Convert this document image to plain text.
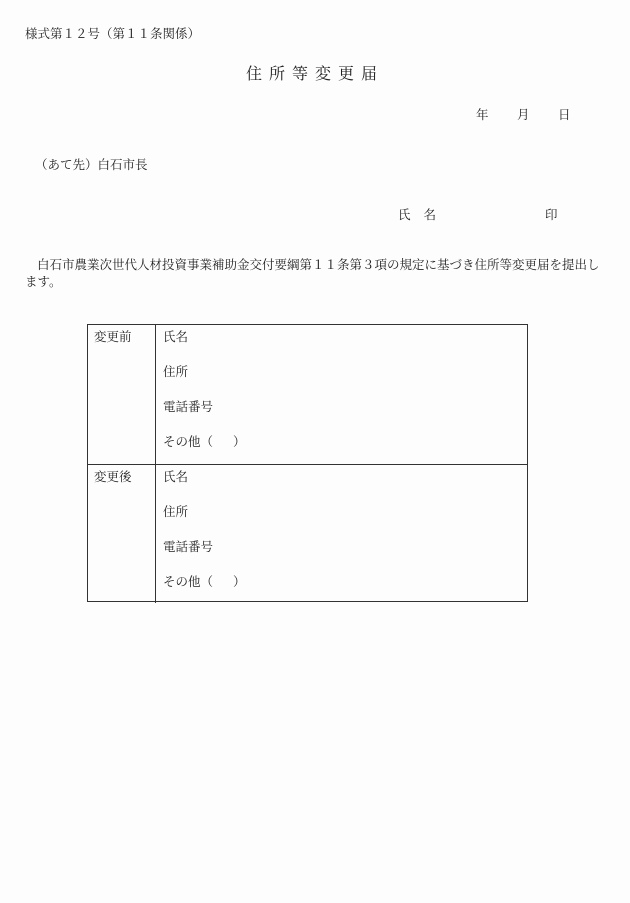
様式第１２号（第１１条関係）
住所等変更届
年 月 日
（あて先）白石市長
氏名	印
白石市農業次世代人材投資事業補助金交付要綱第１１条第３項の規定に基づき住所等変更届を提出します。
変更前	氏名
住所
電話番号
その他（ ）
変更後	氏名
住所
電話番号
その他（ ）
